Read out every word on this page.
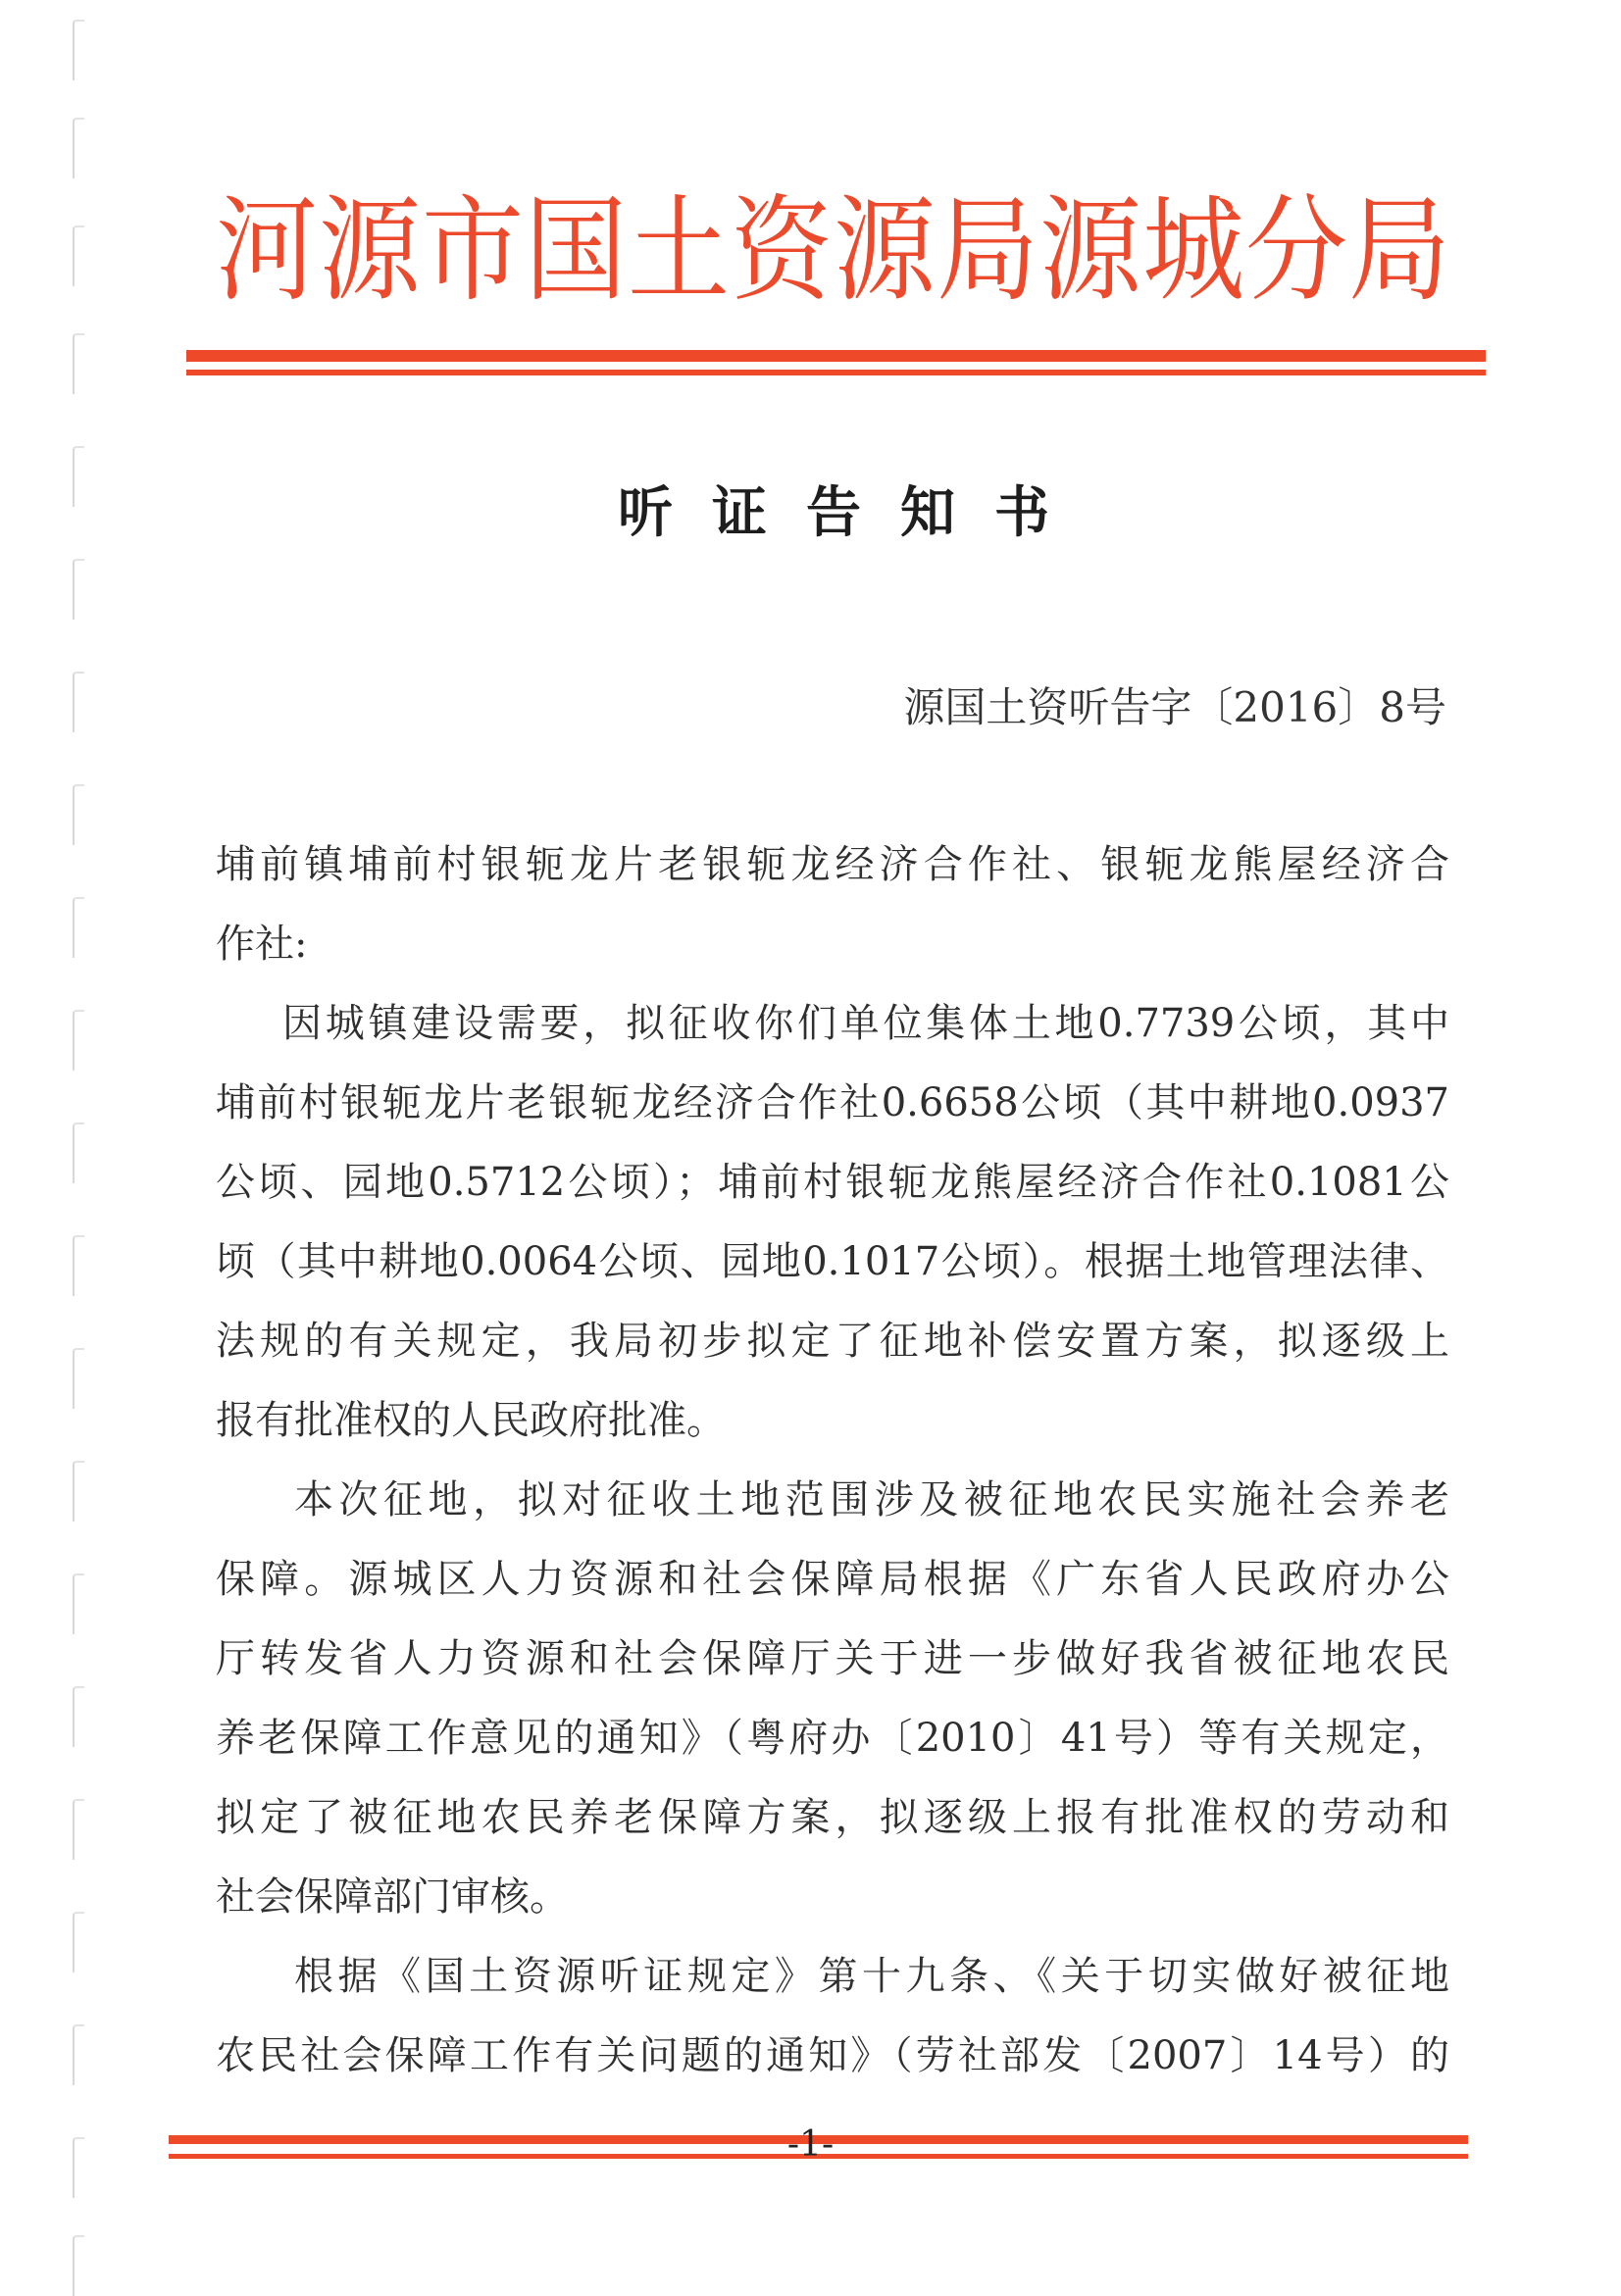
河源市国土资源局源城分局
听证告知书
源国土资听告字〔2016〕8号
埔前镇埔前村银轭龙片老银轭龙经济合作社、银轭龙熊屋经济合
作社:
因城镇建设需要，拟征收你们单位集体土地0.7739公顷，其中
埔前村银轭龙片老银轭龙经济合作社0.6658公顷（其中耕地0.0937
公顷、园地0.5712公顷）；埔前村银轭龙熊屋经济合作社0.1081公
顷（其中耕地0.0064公顷、园地0.1017公顷）。根据土地管理法律、
法规的有关规定，我局初步拟定了征地补偿安置方案，拟逐级上
报有批准权的人民政府批准。
本次征地，拟对征收土地范围涉及被征地农民实施社会养老
保障。源城区人力资源和社会保障局根据《广东省人民政府办公
厅转发省人力资源和社会保障厅关于进一步做好我省被征地农民
养老保障工作意见的通知》（粤府办〔2010〕41号）等有关规定，
拟定了被征地农民养老保障方案，拟逐级上报有批准权的劳动和
社会保障部门审核。
根据《国土资源听证规定》第十九条、《关于切实做好被征地
农民社会保障工作有关问题的通知》（劳社部发〔2007〕14号）的
-1-
